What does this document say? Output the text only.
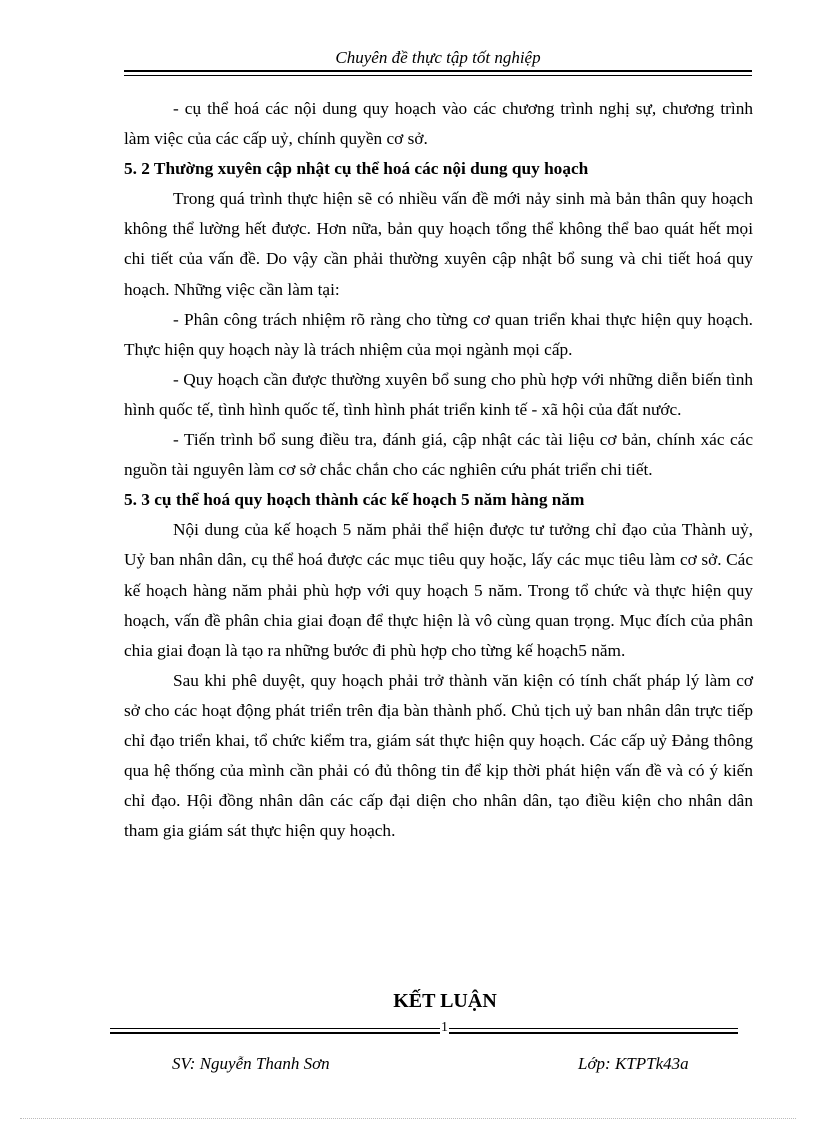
Chuyên đề thực tập tốt nghiệp

- cụ thể hoá các nội dung quy hoạch vào các chương trình nghị sự, chương trình làm việc của các cấp uỷ, chính quyền cơ sở.

5. 2 Thường xuyên cập nhật cụ thể hoá các nội dung quy hoạch

Trong quá trình thực hiện sẽ có nhiều vấn đề mới nảy sinh mà bản thân quy hoạch không thể lường hết được. Hơn nữa, bản quy hoạch tổng thể không thể bao quát hết mọi chi tiết của vấn đề. Do vậy cần phải thường xuyên cập nhật bổ sung và chi tiết hoá quy hoạch. Những việc cần làm tại:

- Phân công trách nhiệm rõ ràng cho từng cơ quan triển khai thực hiện quy hoạch. Thực hiện quy hoạch này là trách nhiệm của mọi ngành mọi cấp.

- Quy hoạch cần được thường xuyên bổ sung cho phù hợp với những diễn biến tình hình quốc tế, tình hình quốc tế, tình hình phát triển kinh tế - xã hội của đất nước.

- Tiến trình bổ sung điều tra, đánh giá, cập nhật các tài liệu cơ bản, chính xác các nguồn tài nguyên làm cơ sở chắc chắn cho các nghiên cứu phát triển chi tiết.

5. 3 cụ thể hoá quy hoạch thành các kế hoạch 5 năm hàng năm

Nội dung của kế hoạch 5 năm phải thể hiện được tư tưởng chỉ đạo của Thành uỷ, Uỷ ban nhân dân, cụ thể hoá được các mục tiêu quy hoặc, lấy các mục tiêu làm cơ sở. Các kế hoạch hàng năm phải phù hợp với quy hoạch 5 năm. Trong tổ chức và thực hiện quy hoạch, vấn đề phân chia giai đoạn để thực hiện là vô cùng quan trọng. Mục đích của phân chia giai đoạn là tạo ra những bước đi phù hợp cho từng kế hoạch5 năm.

Sau khi phê duyệt, quy hoạch phải trở thành văn kiện có tính chất pháp lý làm cơ sở cho các hoạt động phát triển trên địa bàn thành phố. Chủ tịch uỷ ban nhân dân trực tiếp chỉ đạo triển khai, tổ chức kiểm tra, giám sát thực hiện quy hoạch. Các cấp uỷ Đảng thông qua hệ thống của mình cần phải có đủ thông tin để kịp thời phát hiện vấn đề và có ý kiến chỉ đạo. Hội đồng nhân dân các cấp đại diện cho nhân dân, tạo điều kiện cho nhân dân tham gia giám sát thực hiện quy hoạch.

KẾT LUẬN
1
SV: Nguyễn Thanh Sơn	Lớp: KTPTk43a
